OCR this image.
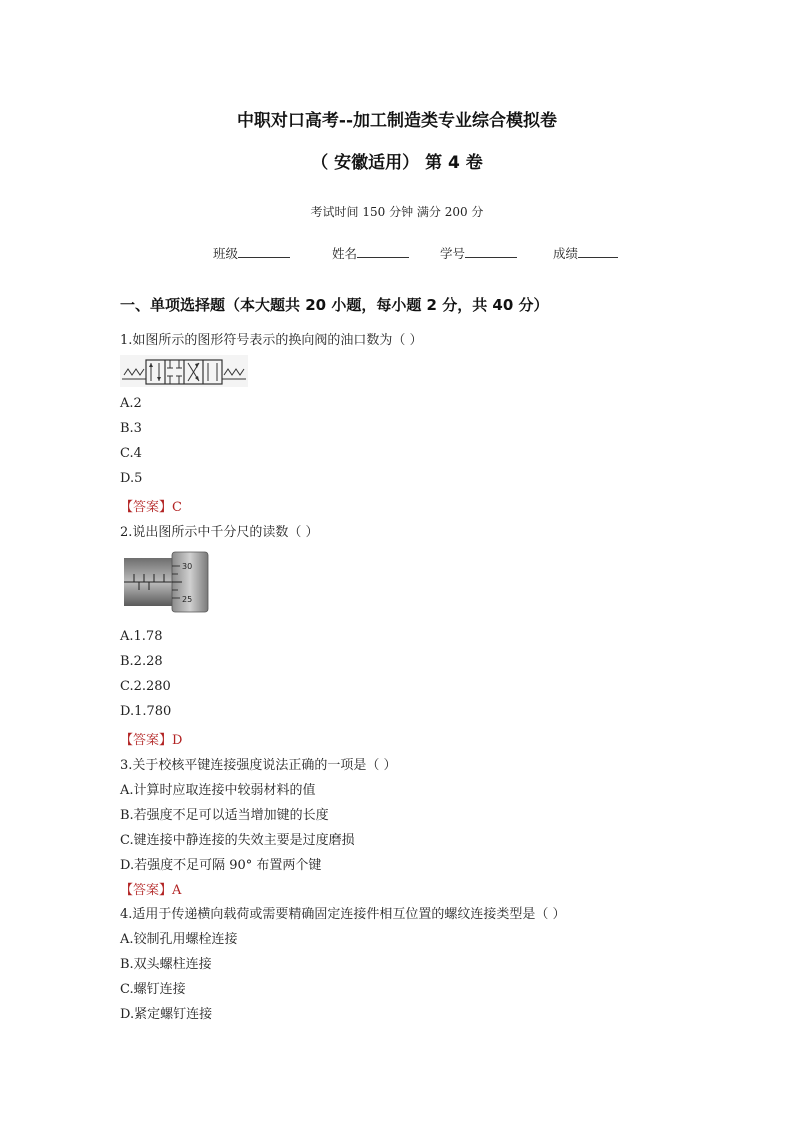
中职对口高考--加工制造类专业综合模拟卷
（ 安徽适用） 第 4 卷
考试时间 150 分钟 满分 200 分
班级	姓名	学号	成绩
一、单项选择题（本大题共 20 小题，每小题 2 分，共 40 分）
1.如图所示的图形符号表示的换向阀的油口数为（ ）
A.2
B.3
C.4
D.5
【答案】C
2.说出图所示中千分尺的读数（ ）
30
25
A.1.78
B.2.28
C.2.280
D.1.780
【答案】D
3.关于校核平键连接强度说法正确的一项是（ ）
A.计算时应取连接中较弱材料的值
B.若强度不足可以适当增加键的长度
C.键连接中静连接的失效主要是过度磨损
D.若强度不足可隔 90° 布置两个键
【答案】A
4.适用于传递横向载荷或需要精确固定连接件相互位置的螺纹连接类型是（ ）
A.铰制孔用螺栓连接
B.双头螺柱连接
C.螺钉连接
D.紧定螺钉连接
